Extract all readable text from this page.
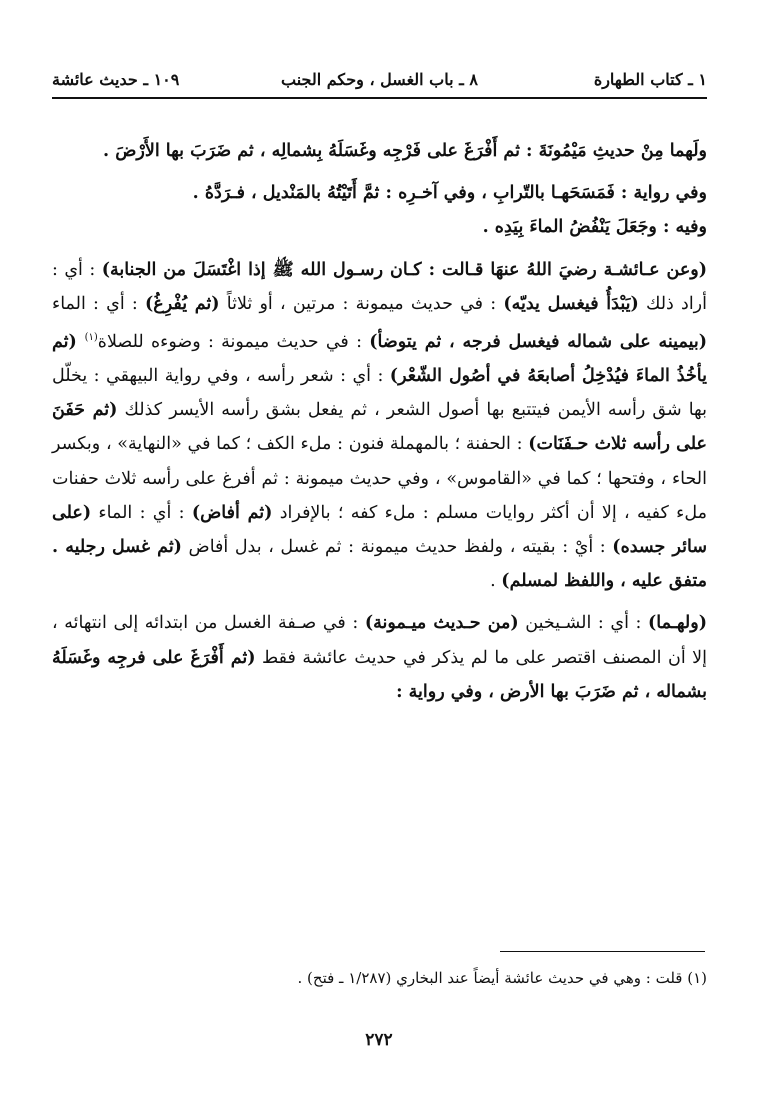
١ ـ كتاب الطهارة
٨ ـ باب الغسل ، وحكم الجنب
١٠٩ ـ حديث عائشة

ولَهما مِنْ حديثِ مَيْمُونَةَ : ثم أَفْرَغَ على فَرْجِه وغَسَلَهُ بِشمالِه ، ثم ضَرَبَ بها الأَرْضَ .

وفي رواية : فَمَسَحَهـا بالتّرابِ ، وفي آخـرِه : ثمَّ أَتَيْتُهُ بالمَنْديل ، فـرَدَّهُ .
وفيه : وجَعَلَ يَنْفُضُ الماءَ بِيَدِه .

(وعن عـائشـة رضيَ اللهُ عنهَا قـالت : كـان رسـول الله ﷺ إذا اغْتَسَلَ من الجنابة) : أي : أراد ذلك (يَبْدَأُ فيغسل يديّه) : في حديث ميمونة : مرتين ، أو ثلاثاً (ثم يُفْرِغُ) : أي : الماء (بيمينه على شماله فيغسل فرجه ، ثم يتوضأ) : في حديث ميمونة : وضوءه للصلاة$^{(١)}$ (ثم يأخُذُ الماءَ فيُدْخِلُ أصابعَهُ في أصُول الشّعْر) : أي : شعر رأسه ، وفي رواية البيهقي : يخلّل بها شق رأسه الأيمن فيتتبع بها أصول الشعر ، ثم يفعل بشق رأسه الأيسر كذلك (ثم حَفَنَ على رأسه ثلاث حـفَنَات) : الحفنة ؛ بالمهملة فنون : ملء الكف ؛ كما في «النهاية» ، وبكسر الحاء ، وفتحها ؛ كما في «القاموس» ، وفي حديث ميمونة : ثم أفرغ على رأسه ثلاث حفنات ملء كفيه ، إلا أن أكثر روايات مسلم : ملء كفه ؛ بالإفراد (ثم أفاض) : أي : الماء (على سائر جسده) : أيْ : بقيته ، ولفظ حديث ميمونة : ثم غسل ، بدل أفاض (ثم غسل رجليه . متفق عليه ، واللفظ لمسلم) .

(ولهـما) : أي : الشـيخين (من حـديث ميـمونة) : في صـفة الغسل من ابتدائه إلى انتهائه ، إلا أن المصنف اقتصر على ما لم يذكر في حديث عائشة فقط (ثم أَفْرَغَ على فرجِه وغَسَلَهُ بشماله ، ثم ضَرَبَ بها الأرض ، وفي رواية :

(١) قلت : وهي في حديث عائشة أيضاً عند البخاري (١/٢٨٧ ـ فتح) .
٢٧٢
